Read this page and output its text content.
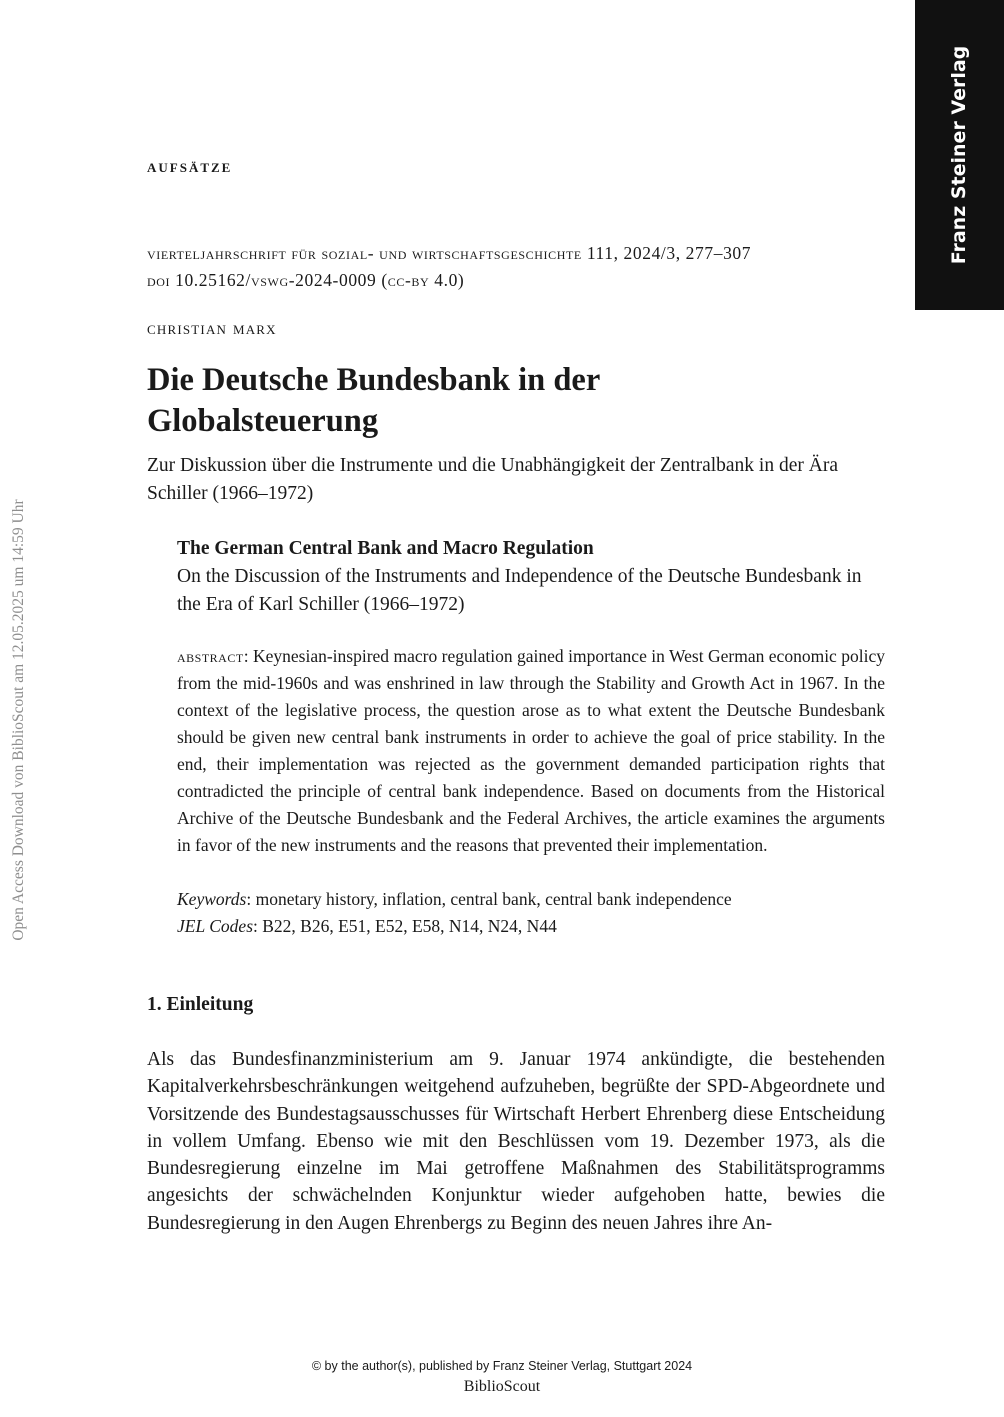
Franz Steiner Verlag
Open Access Download von BiblioScout am 12.05.2025 um 14:59 Uhr
aufsätze
vierteljahrschrift für sozial- und wirtschaftsgeschichte 111, 2024/3, 277–307
doi 10.25162/vswg-2024-0009 (cc-by 4.0)
christian marx
Die Deutsche Bundesbank in der Globalsteuerung
Zur Diskussion über die Instrumente und die Unabhängigkeit der Zentralbank in der Ära Schiller (1966–1972)
The German Central Bank and Macro Regulation
On the Discussion of the Instruments and Independence of the Deutsche Bundesbank in the Era of Karl Schiller (1966–1972)

abstract: Keynesian-inspired macro regulation gained importance in West German economic policy from the mid-1960s and was enshrined in law through the Stability and Growth Act in 1967. In the context of the legislative process, the question arose as to what extent the Deutsche Bundesbank should be given new central bank instruments in order to achieve the goal of price stability. In the end, their implementation was rejected as the government demanded participation rights that contradicted the principle of central bank independence. Based on documents from the Historical Archive of the Deutsche Bundesbank and the Federal Archives, the article examines the arguments in favor of the new instruments and the reasons that prevented their implementation.

Keywords: monetary history, inflation, central bank, central bank independence
JEL Codes: B22, B26, E51, E52, E58, N14, N24, N44
1. Einleitung

Als das Bundesfinanzministerium am 9. Januar 1974 ankündigte, die bestehenden Kapitalverkehrsbeschränkungen weitgehend aufzuheben, begrüßte der SPD-Abgeordnete und Vorsitzende des Bundestagsausschusses für Wirtschaft Herbert Ehrenberg diese Entscheidung in vollem Umfang. Ebenso wie mit den Beschlüssen vom 19. Dezember 1973, als die Bundesregierung einzelne im Mai getroffene Maßnahmen des Stabilitätsprogramms angesichts der schwächelnden Konjunktur wieder aufgehoben hatte, bewies die Bundesregierung in den Augen Ehrenbergs zu Beginn des neuen Jahres ihre An-

© by the author(s), published by Franz Steiner Verlag, Stuttgart 2024
BiblioScout
